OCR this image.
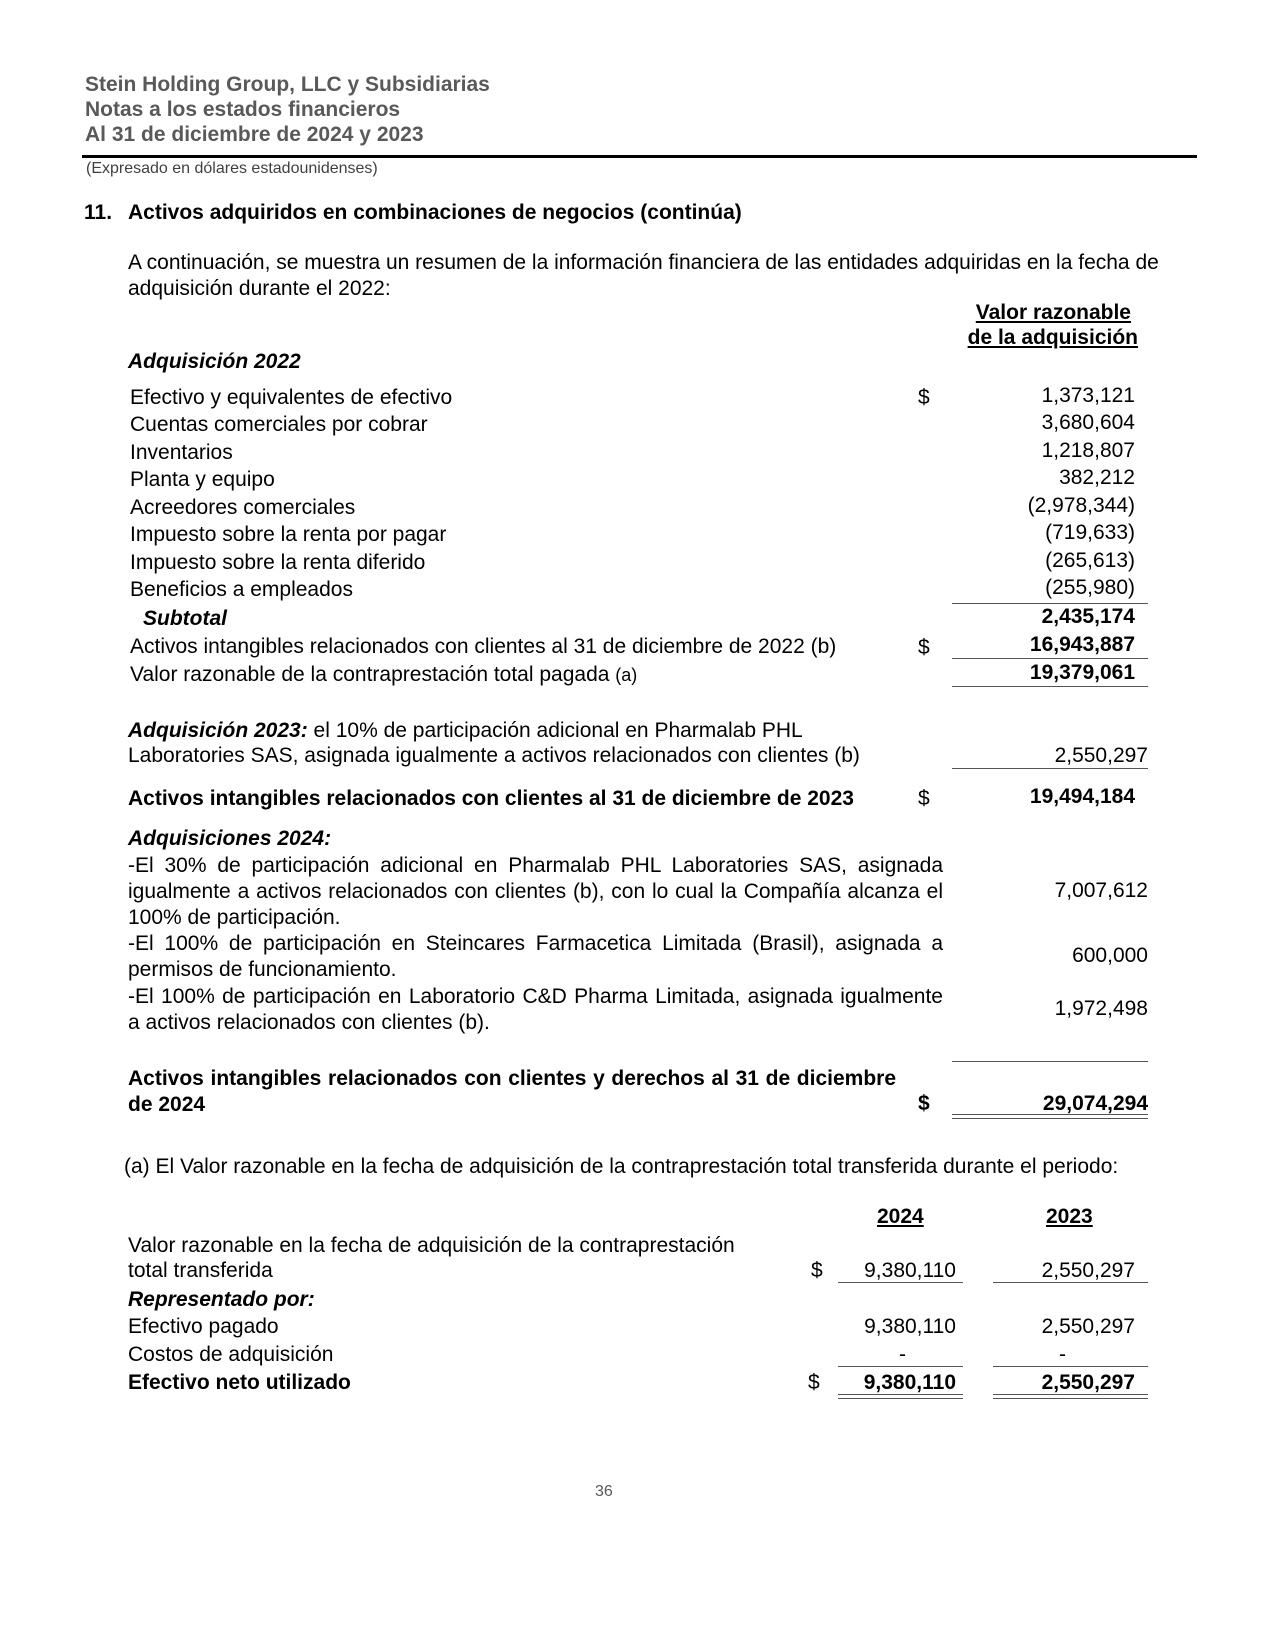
Stein Holding Group, LLC y Subsidiarias
Notas a los estados financieros
Al 31 de diciembre de 2024 y 2023
(Expresado en dólares estadounidenses)
11. Activos adquiridos en combinaciones de negocios (continúa)
A continuación, se muestra un resumen de la información financiera de las entidades adquiridas en la fecha de adquisición durante el 2022:
Valor razonable
de la adquisición
Adquisición 2022
Efectivo y equivalentes de efectivo	$	1,373,121
Cuentas comerciales por cobrar	3,680,604
Inventarios	1,218,807
Planta y equipo	382,212
Acreedores comerciales	(2,978,344)
Impuesto sobre la renta por pagar	(719,633)
Impuesto sobre la renta diferido	(265,613)
Beneficios a empleados	(255,980)
Subtotal	2,435,174
Activos intangibles relacionados con clientes al 31 de diciembre de 2022 (b)	$	16,943,887
Valor razonable de la contraprestación total pagada (a)	19,379,061
Adquisición 2023: el 10% de participación adicional en Pharmalab PHL
Laboratories SAS, asignada igualmente a activos relacionados con clientes (b)	2,550,297
Activos intangibles relacionados con clientes al 31 de diciembre de 2023	$	19,494,184
Adquisiciones 2024:
-El 30% de participación adicional en Pharmalab PHL Laboratories SAS, asignada igualmente a activos relacionados con clientes (b), con lo cual la Compañía alcanza el 100% de participación.
7,007,612
-El 100% de participación en Steincares Farmacetica Limitada (Brasil), asignada a permisos de funcionamiento.
600,000
-El 100% de participación en Laboratorio C&D Pharma Limitada, asignada igualmente a activos relacionados con clientes (b).
1,972,498
Activos intangibles relacionados con clientes y derechos al 31 de diciembre de 2024	$	29,074,294
(a) El Valor razonable en la fecha de adquisición de la contraprestación total transferida durante el periodo:
2024	2023
Valor razonable en la fecha de adquisición de la contraprestación
total transferida	$ 9,380,110	2,550,297
Representado por:
Efectivo pagado	9,380,110	2,550,297
Costos de adquisición	-	-
Efectivo neto utilizado	$ 9,380,110	2,550,297
36
